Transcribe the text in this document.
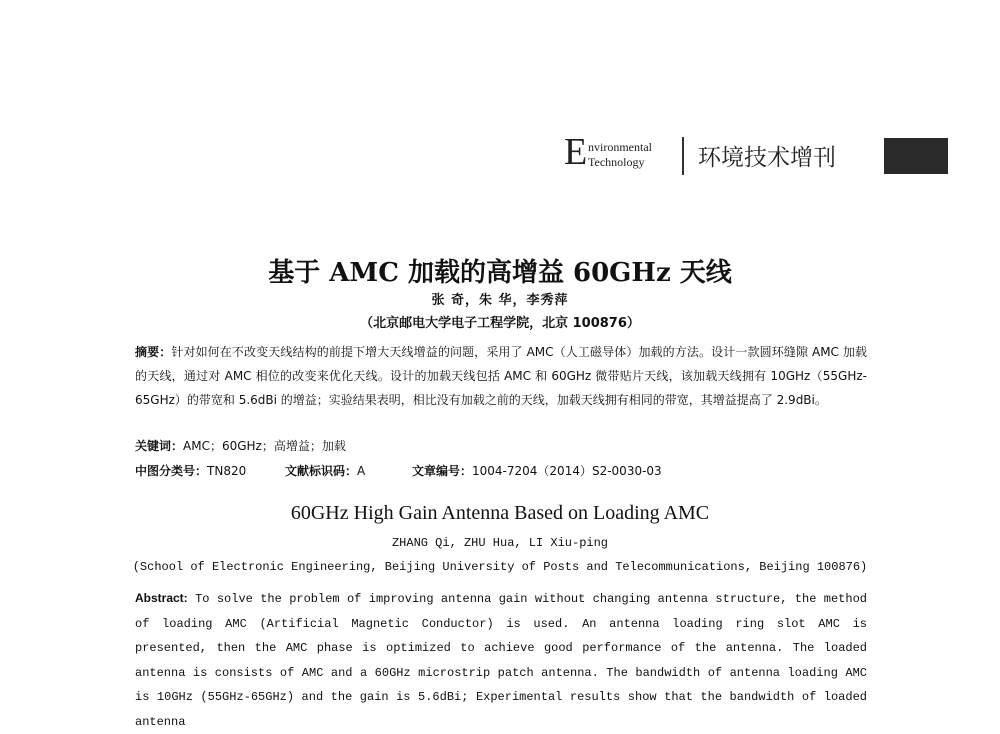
E nvironmental
Technology 环境技术增刊
基于 AMC 加载的高增益 60GHz 天线
张 奇，朱 华，李秀萍
（北京邮电大学电子工程学院，北京 100876）
摘要：针对如何在不改变天线结构的前提下增大天线增益的问题，采用了 AMC（人工磁导体）加载的方法。设计一款圆环缝隙 AMC 加载的天线，通过对 AMC 相位的改变来优化天线。设计的加载天线包括 AMC 和 60GHz 微带贴片天线，该加载天线拥有 10GHz（55GHz-65GHz）的带宽和 5.6dBi 的增益；实验结果表明，相比没有加载之前的天线，加载天线拥有相同的带宽，其增益提高了 2.9dBi。
关键词：AMC；60GHz；高增益；加载
中图分类号：TN820	文献标识码：A	文章编号：1004-7204（2014）S2-0030-03
60GHz High Gain Antenna Based on Loading AMC
ZHANG Qi, ZHU Hua, LI Xiu-ping
(School of Electronic Engineering, Beijing University of Posts and Telecommunications, Beijing 100876)
Abstract: To solve the problem of improving antenna gain without changing antenna structure, the method of loading AMC (Artificial Magnetic Conductor) is used. An antenna loading ring slot AMC is presented, then the AMC phase is optimized to achieve good performance of the antenna. The loaded antenna is consists of AMC and a 60GHz microstrip patch antenna. The bandwidth of antenna loading AMC is 10GHz (55GHz-65GHz) and the gain is 5.6dBi; Experimental results show that the bandwidth of loaded antenna
